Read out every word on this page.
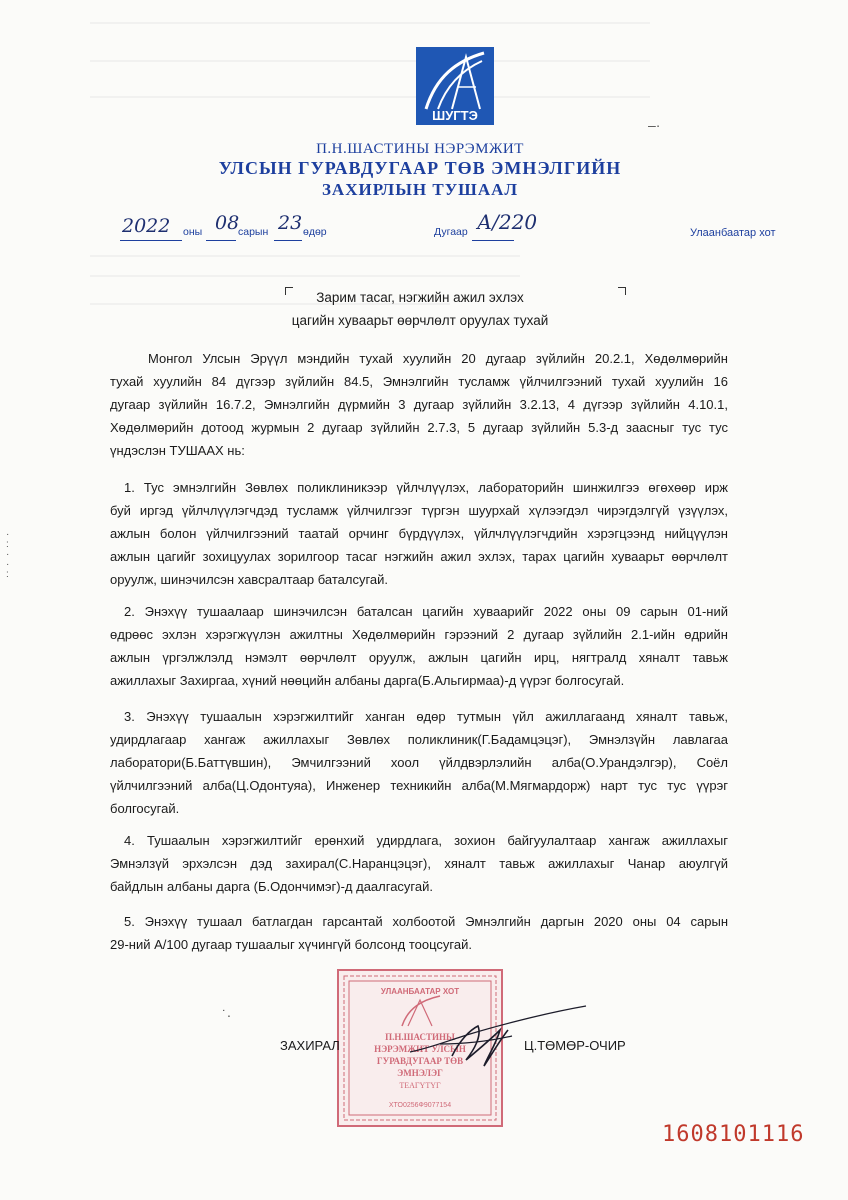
ШУГТЭ
–·
П.Н.ШАСТИНЫ НЭРЭМЖИТ
УЛСЫН ГУРАВДУГААР ТӨВ ЭМНЭЛГИЙН
ЗАХИРЛЫН ТУШААЛ
2022 оны 08
сарын 23 өдөр	Дугаар А/220	Улаанбаатар хот
Зарим тасаг, нэгжийн ажил эхлэх
цагийн хуваарьт өөрчлөлт оруулах тухай
Монгол Улсын Эрүүл мэндийн тухай хуулийн 20 дугаар зүйлийн 20.2.1, Хөдөлмөрийн
тухай хуулийн 84 дүгээр зүйлийн 84.5, Эмнэлгийн тусламж үйлчилгээний тухай хуулийн 16
дугаар зүйлийн 16.7.2, Эмнэлгийн дүрмийн 3 дугаар зүйлийн 3.2.13, 4 дүгээр зүйлийн 4.10.1,
Хөдөлмөрийн дотоод журмын 2 дугаар зүйлийн 2.7.3, 5 дугаар зүйлийн 5.3-д заасныг тус тус
үндэслэн ТУШААХ нь:
1. Тус эмнэлгийн Зөвлөх поликлиникээр үйлчлүүлэх, лабораторийн шинжилгээ өгөхөөр ирж
буй иргэд үйлчлүүлэгчдэд тусламж үйлчилгээг түргэн шуурхай хүлээгдэл чирэгдэлгүй үзүүлэх,
ажлын болон үйлчилгээний таатай орчинг бүрдүүлэх, үйлчлүүлэгчдийн хэрэгцээнд нийцүүлэн
ажлын цагийг зохицуулах зорилгоор тасаг нэгжийн ажил эхлэх, тарах цагийн хуваарьт өөрчлөлт
оруулж, шинэчилсэн хавсралтаар баталсугай.
2. Энэхүү тушаалаар шинэчилсэн баталсан цагийн хуваарийг 2022 оны 09 сарын 01-ний
өдрөөс эхлэн хэрэгжүүлэн ажилтны Хөдөлмөрийн гэрээний 2 дугаар зүйлийн 2.1-ийн өдрийн
ажлын үргэлжлэлд нэмэлт өөрчлөлт оруулж, ажлын цагийн ирц, нягтралд хяналт тавьж
ажиллахыг Захиргаа, хүний нөөцийн албаны дарга(Б.Альгирмаа)-д үүрэг болгосугай.
3. Энэхүү тушаалын хэрэгжилтийг ханган өдөр тутмын үйл ажиллагаанд хяналт тавьж,
удирдлагаар хангаж ажиллахыг Зөвлөх поликлиник(Г.Бадамцэцэг), Эмнэлзүйн лавлагаа
лаборатори(Б.Баттүвшин), Эмчилгээний хоол үйлдвэрлэлийн алба(О.Урандэлгэр), Соёл
үйлчилгээний алба(Ц.Одонтуяа), Инженер техникийн алба(М.Мягмардорж) нарт тус тус үүрэг
болгосугай.
4. Тушаалын хэрэгжилтийг ерөнхий удирдлага, зохион байгуулалтаар хангаж ажиллахыг
Эмнэлзүй эрхэлсэн дэд захирал(С.Наранцэцэг), хяналт тавьж ажиллахыг Чанар аюулгүй
байдлын албаны дарга (Б.Одончимэг)-д даалгасугай.
5. Энэхүү тушаал батлагдан гарсантай холбоотой Эмнэлгийн даргын 2020 оны 04 сарын
29-ний А/100 дугаар тушаалыг хүчингүй болсонд тооцсугай.
УЛААНБААТАР ХОТ
П.Н.ШАСТИНЫ
НЭРЭМЖИТ УЛСЫН
ГУРАВДУГААР ТӨВ
ЭМНЭЛЭГ
ТЕАГҮТҮГ
ХТО0256Ф9077154
ЗАХИРАЛ	Ц.ТӨМӨР-ОЧИР
˙·
·
:
·
·
:
1608101116
